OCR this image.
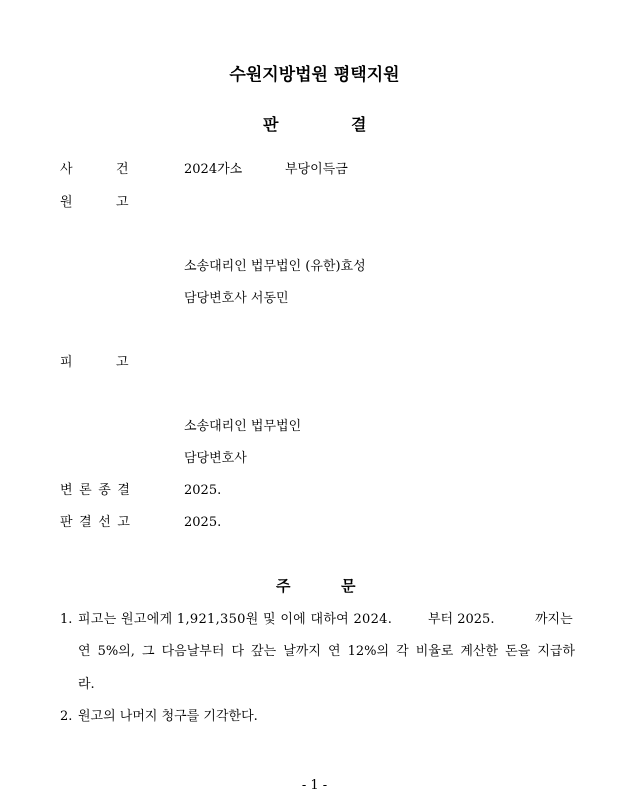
수원지방법원 평택지원
판	결
사	건	2024가소	부당이득금
원	고
소송대리인 법무법인 (유한)효성
담당변호사 서동민
피	고
소송대리인 법무법인
담당변호사
변 론 종 결	2025.
판 결 선 고	2025.
주	문
1. 피고는 원고에게 1,921,350원 및 이에 대하여 2024.	부터 2025.	까지는
연 5%의, 그 다음날부터 다 갚는 날까지 연 12%의 각 비율로 계산한 돈을 지급하
라.
2. 원고의 나머지 청구를 기각한다.
- 1 -
